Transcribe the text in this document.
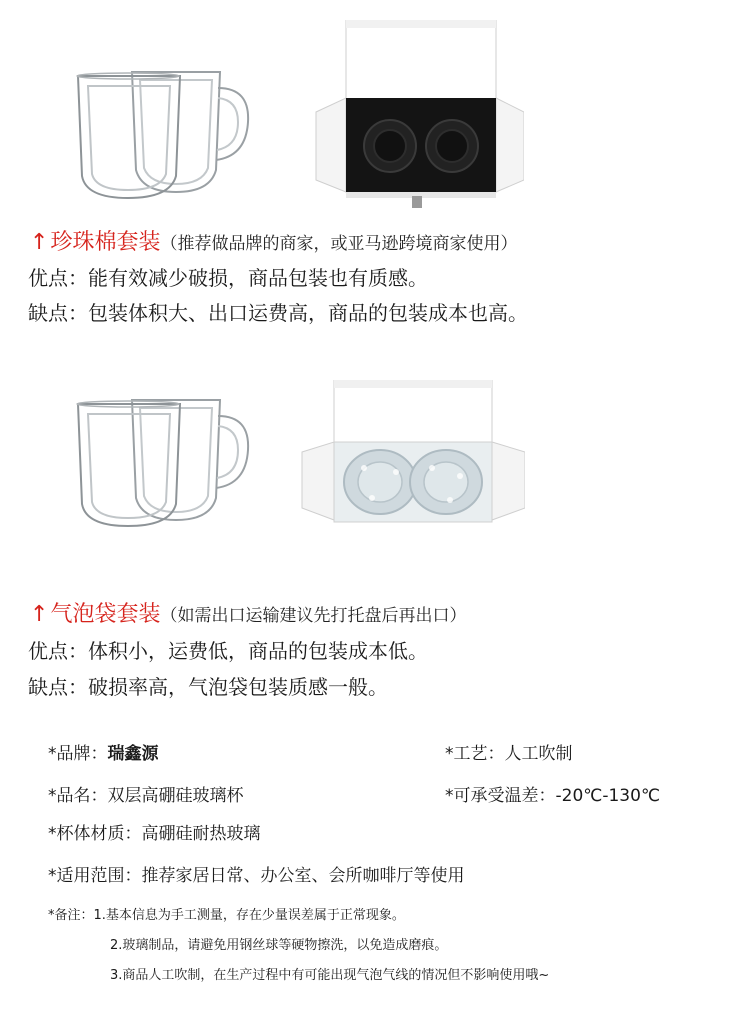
↑珍珠棉套装（推荐做品牌的商家，或亚马逊跨境商家使用）
优点：能有效减少破损，商品包装也有质感。
缺点：包装体积大、出口运费高，商品的包装成本也高。
↑气泡袋套装（如需出口运输建议先打托盘后再出口）
优点：体积小，运费低，商品的包装成本低。
缺点：破损率高，气泡袋包装质感一般。
*品牌：瑞鑫源	*工艺：人工吹制
*品名：双层高硼硅玻璃杯	*可承受温差：-20℃-130℃
*杯体材质：高硼硅耐热玻璃
*适用范围：推荐家居日常、办公室、会所咖啡厅等使用
*备注：1.基本信息为手工测量，存在少量误差属于正常现象。
2.玻璃制品，请避免用钢丝球等硬物擦洗，以免造成磨痕。
3.商品人工吹制，在生产过程中有可能出现气泡气线的情况但不影响使用哦~
